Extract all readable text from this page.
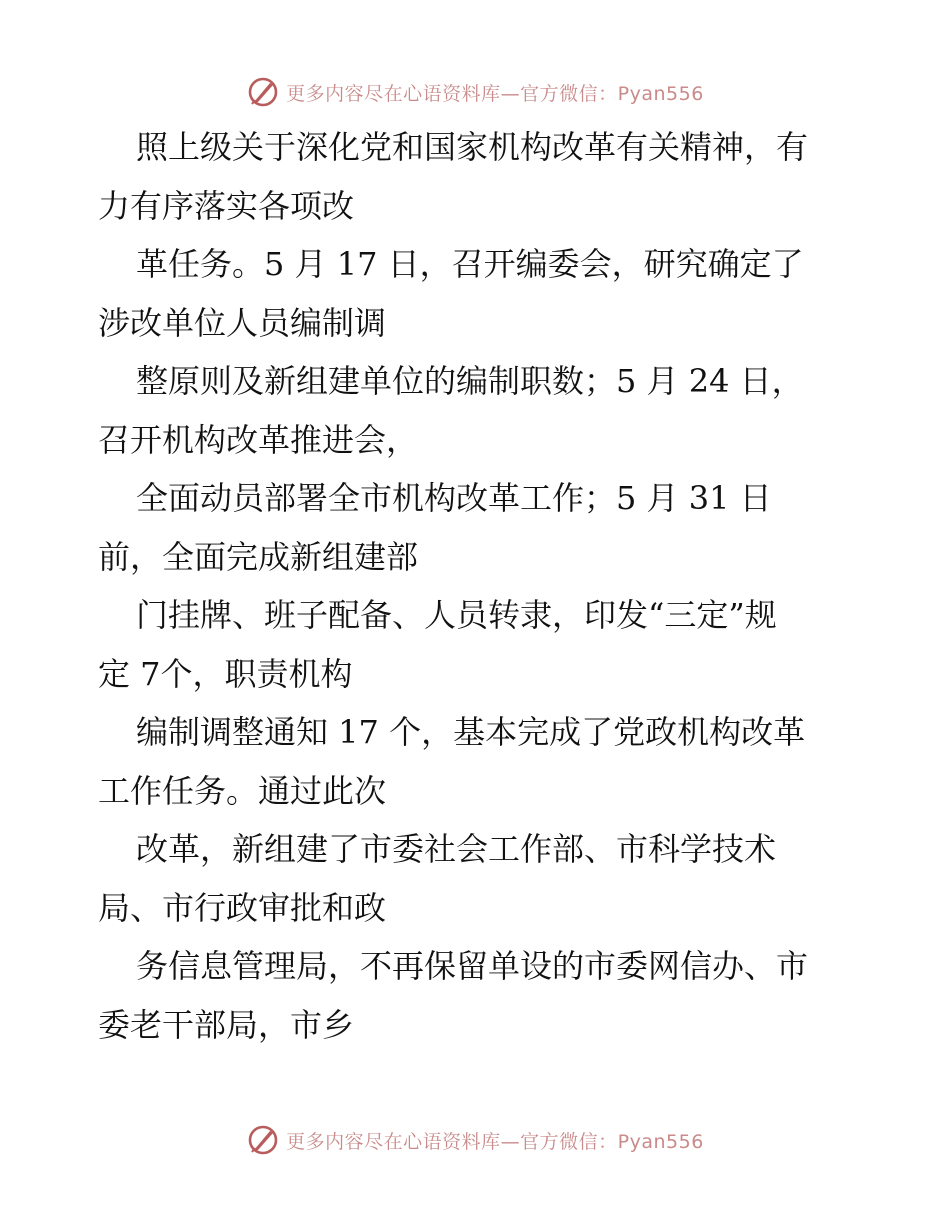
更多内容尽在心语资料库—官方微信：Pyan556
照上级关于深化党和国家机构改革有关精神，有
力有序落实各项改
革任务。5 月 17 日，召开编委会，研究确定了
涉改单位人员编制调
整原则及新组建单位的编制职数；5 月 24 日，
召开机构改革推进会，
全面动员部署全市机构改革工作；5 月 31 日
前，全面完成新组建部
门挂牌、班子配备、人员转隶，印发“三定”规
定 7个，职责机构
编制调整通知 17 个，基本完成了党政机构改革
工作任务。通过此次
改革，新组建了市委社会工作部、市科学技术
局、市行政审批和政
务信息管理局，不再保留单设的市委网信办、市
委老干部局，市乡
更多内容尽在心语资料库—官方微信：Pyan556
